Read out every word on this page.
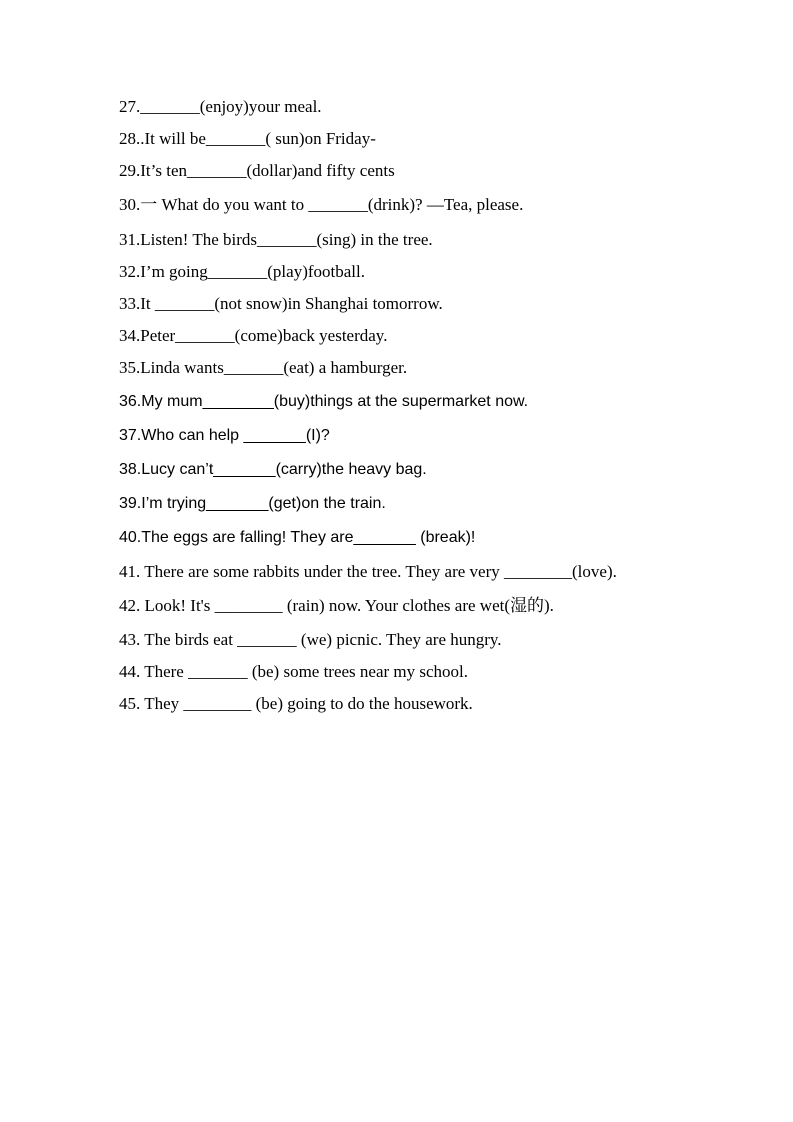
27._______(enjoy)your meal.
28..It will be_______( sun)on Friday-
29.It’s ten_______(dollar)and fifty cents
30.一 What do you want to _______(drink)? —Tea, please.
31.Listen! The birds_______(sing) in the tree.
32.I’m going_______(play)football.
33.It _______(not snow)in Shanghai tomorrow.
34.Peter_______(come)back yesterday.
35.Linda wants_______(eat) a hamburger.
36.My mum________(buy)things at the supermarket now.
37.Who can help _______(I)?
38.Lucy can’t_______(carry)the heavy bag.
39.I’m trying_______(get)on the train.
40.The eggs are falling! They are_______ (break)!
41. There are some rabbits under the tree. They are very ________(love).
42. Look! It's ________ (rain) now. Your clothes are wet(湿的).
43. The birds eat _______ (we) picnic. They are hungry.
44. There _______ (be) some trees near my school.
45. They ________ (be) going to do the housework.
